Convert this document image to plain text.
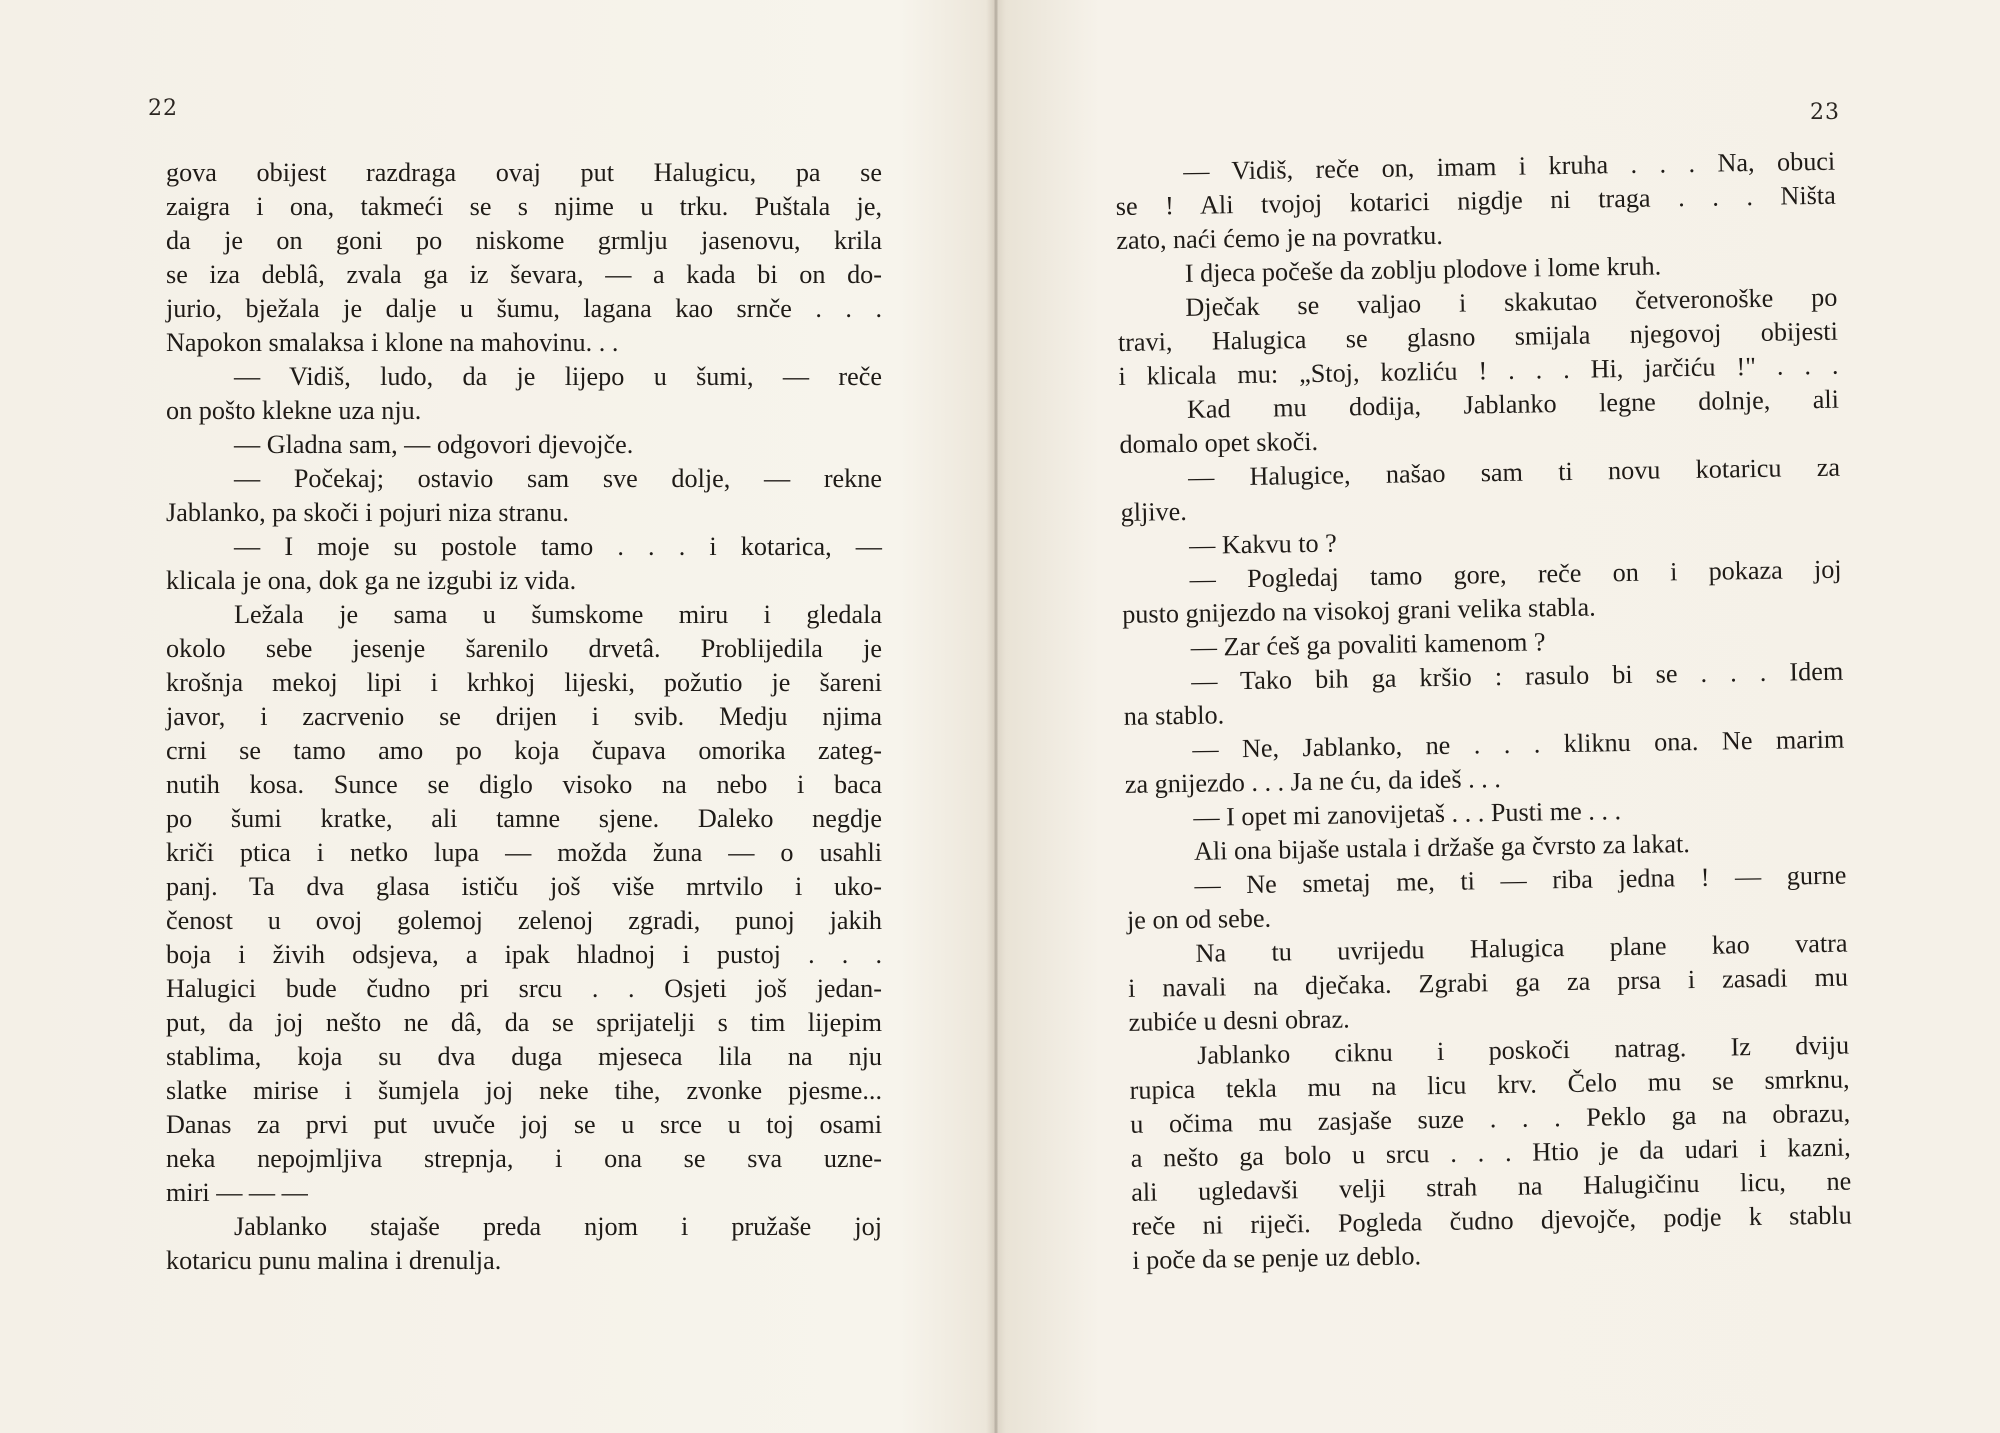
22
gova obijest razdraga ovaj put Halugicu, pa se
zaigra i ona, takmeći se s njime u trku. Puštala je,
da je on goni po niskome grmlju jasenovu, krila
se iza deblâ, zvala ga iz ševara, — a kada bi on do-
jurio, bježala je dalje u šumu, lagana kao srnče . . .
Napokon smalaksa i klone na mahovinu. . .
— Vidiš, ludo, da je lijepo u šumi, — reče
on pošto klekne uza nju.
— Gladna sam, — odgovori djevojče.
— Počekaj; ostavio sam sve dolje, — rekne
Jablanko, pa skoči i pojuri niza stranu.
— I moje su postole tamo . . . i kotarica, —
klicala je ona, dok ga ne izgubi iz vida.
Ležala je sama u šumskome miru i gledala
okolo sebe jesenje šarenilo drvetâ. Problijedila je
krošnja mekoj lipi i krhkoj lijeski, požutio je šareni
javor, i zacrvenio se drijen i svib. Medju njima
crni se tamo amo po koja čupava omorika zateg-
nutih kosa. Sunce se diglo visoko na nebo i baca
po šumi kratke, ali tamne sjene. Daleko negdje
kriči ptica i netko lupa — možda žuna — o usahli
panj. Ta dva glasa ističu još više mrtvilo i uko-
čenost u ovoj golemoj zelenoj zgradi, punoj jakih
boja i živih odsjeva, a ipak hladnoj i pustoj . . .
Halugici bude čudno pri srcu . . Osjeti još jedan-
put, da joj nešto ne dâ, da se sprijatelji s tim lijepim
stablima, koja su dva duga mjeseca lila na nju
slatke mirise i šumjela joj neke tihe, zvonke pjesme...
Danas za prvi put uvuče joj se u srce u toj osami
neka nepojmljiva strepnja, i ona se sva uzne-
miri — — —
Jablanko stajaše preda njom i pružaše joj
kotaricu punu malina i drenulja.
23
— Vidiš, reče on, imam i kruha . . . Na, obuci
se ! Ali tvojoj kotarici nigdje ni traga . . . Ništa
zato, naći ćemo je na povratku.
I djeca počeše da zoblju plodove i lome kruh.
Dječak se valjao i skakutao četveronoške po
travi, Halugica se glasno smijala njegovoj obijesti
i klicala mu: „Stoj, kozliću ! . . . Hi, jarčiću !" . . .
Kad mu dodija, Jablanko legne dolnje, ali
domalo opet skoči.
— Halugice, našao sam ti novu kotaricu za
gljive.
— Kakvu to ?
— Pogledaj tamo gore, reče on i pokaza joj
pusto gnijezdo na visokoj grani velika stabla.
— Zar ćeš ga povaliti kamenom ?
— Tako bih ga kršio : rasulo bi se . . . Idem
na stablo.
— Ne, Jablanko, ne . . . kliknu ona. Ne marim
za gnijezdo . . . Ja ne ću, da ideš . . .
— I opet mi zanovijetaš . . . Pusti me . . .
Ali ona bijaše ustala i držaše ga čvrsto za lakat.
— Ne smetaj me, ti — riba jedna ! — gurne
je on od sebe.
Na tu uvrijedu Halugica plane kao vatra
i navali na dječaka. Zgrabi ga za prsa i zasadi mu
zubiće u desni obraz.
Jablanko ciknu i poskoči natrag. Iz dviju
rupica tekla mu na licu krv. Čelo mu se smrknu,
u očima mu zasjaše suze . . . Peklo ga na obrazu,
a nešto ga bolo u srcu . . . Htio je da udari i kazni,
ali ugledavši velji strah na Halugičinu licu, ne
reče ni riječi. Pogleda čudno djevojče, podje k stablu
i poče da se penje uz deblo.
